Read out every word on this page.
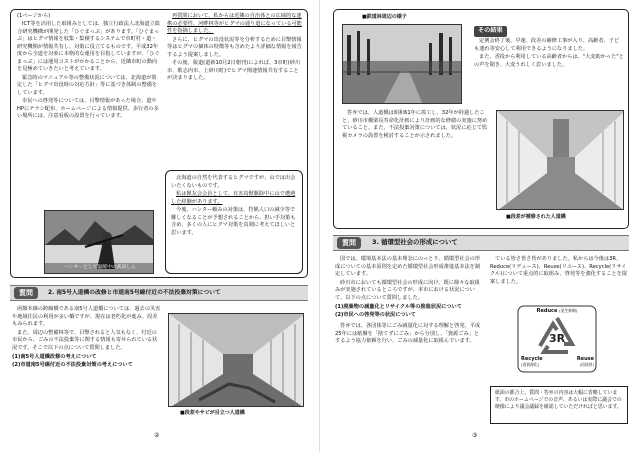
(1ページから)

ICT等を活用した取組みとしては、独立行政法人北海道立総合研究機構が開発した「ひぐまっぷ」があります。「ひぐまっぷ」はヒグマ情報を収集・集積するシステムで市町村・道・研究機関が情報共有し、対策に役立てるものです。平成32年度から全道を対象に本格的な運用を目指していますが、「ひぐまっぷ」には運用コストがかかることから、近隣市町の動向を見極めていきたいと考えています。

緊急時のマニュアル等の整備状況については、北海道が策定した「ヒグマ出没時の対応方針」等に基づき体制の整備をしています。

市民への啓発等については、目撃情報があった場合、道やHPにチラシ配布、ホームページによる情報提供、歩行者の多い場所には、注意看板の設置を行っています。

再質問において、私からは近隣の自治体との広域的な連携の必要性、河畔林等がヒグマの通り道になっている可能性を指摘しました。

さらに、ヒグマの出没状況等を分析するために目撃情報等はヒグマの個体の特徴等も含めたより詳細な情報を報告するよう提案しました。

その後、報道(道新10月2日朝刊)によれば、3市町(砂川市、歌志内市、上砂川町)でヒグマ関連情報共有することが決まりました。

ハンターとして温暖中の武田しん

北海道の自然を代表するヒグマですが、山では出会いたくないものです。

私は猟友会会員として、有害鳥獣駆除中に山で遭遇した経験があります。

今後、ハンター頼みの対策は、狩猟人口の減少等で難しくなることが予想されることから、担い手対策も含め、多くの人にヒグマ対策を真剣に考えてほしいと思います。

質問	2. 南5号人道橋の改修と市道南5号線付近の不法投棄対策について

函館本線の跨線橋である南5号人道橋については、過去の災害や地域住民の利用が多い橋ですが、現在は老朽化が進み、段差もみられます。

また、周辺の整備林等で、目撃されると人気もなく、付近の市民から、ごみの不法投棄等に関する情報も寄せられている状況です。そこで以下の点について質問しました。

(1)南5号人道橋改修の考えについて
(2)市道南5号線付近の不法投棄対策の考えについて
■段差やサビが目立つ人道橋
②
■鉄道林周辺の様子
その結果

定例会終了後、早速、段差の補修工事が入り、高齢者、子ども連れ等安心して利用できるようになりました。

また、香投から利用している高齢者からは、"大変助かった"との声を聞き、大変うれしく思いました。

■段差が補修された人道橋

答弁では、人道橋は昭和61年に竣工し、32年が経過したこと、砂川市橋梁長寿命化計画により計画的な修繕の実施に努めていること、また、不法投棄対策については、状況に応じて監視カメラの設置を検討することが示されました。

質問	3. 循環型社会の形成について

国では、環境基本法の基本理念にのっとり、循環型社会の形成についての基本原則を定めた循環型社会形成推進基本法を制定しています。

砂川市においても循環型社会の形成に向け、既に様々な取組みが実施されているところですが、本市における状況について、以下の点について質問しました。

(1)廃棄物の減量化とリサイクル等の推進状況について
(2)市民への啓発等の状況について

答弁では、各団体等にごみ減量化に対する理解と啓発、平成25年には紙盤を「捨てずにごみ」から分別し、「資源ごみ」とするよう協力依頼を行い、ごみの減量化に取組んでいます。

ている皆さ皆さ皆がありました。私からは今後は3R、Reduce(リデュース)、Reuse(リユース)、Recycle(リサイクル)について重点的に取組み、啓発等を強化することを提案しました。

3R
Reduce (発生抑制)
Recycle
(再資源化)
Reuse
(再使用)
紙面の都合上、質問・答弁の内容は大幅に省略しています。市のホームページでの音声、あるいは実際に議会での映像により議会議録を確認していただければと思います。
③
